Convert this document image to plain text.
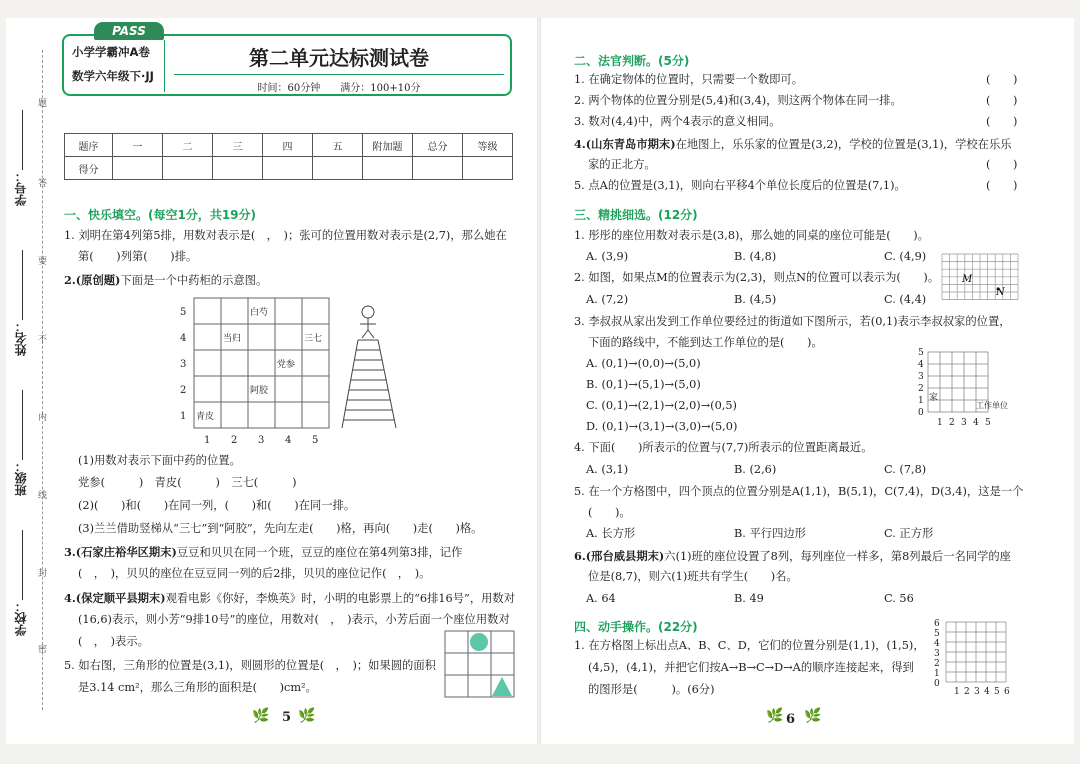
学校：
班级：
姓名：
学号：
题
答
要
不
内
线
封
密
PASS
小学学霸冲A卷
数学六年级下·JJ
第二单元达标测试卷
时间：60分钟　　 满分：100+10分
题序	一	二	三	四	五	附加题	总分	等级
得分								
一、快乐填空。(每空1分，共19分)
1. 刘明在第4列第5排，用数对表示是(　，　)；张可的位置用数对表示是(2,7)，那么她在
第(　　)列第(　　)排。
2.(原创题)下面是一个中药柜的示意图。
5
4
3
2
1
1 2 3 4 5
白芍
当归	三七
党参
阿胶
青皮
(1)用数对表示下面中药的位置。
党参(　　　)　青皮(　　　)　三七(　　　)
(2)(　　)和(　　)在同一列，(　　)和(　　)在同一排。
(3)兰兰借助竖梯从“三七”到“阿胶”，先向左走(　　)格，再向(　　)走(　　)格。
3.(石家庄裕华区期末)豆豆和贝贝在同一个班，豆豆的座位在第4列第3排，记作
(　，　)，贝贝的座位在豆豆同一列的后2排，贝贝的座位记作(　，　)。
4.(保定顺平县期末)观看电影《你好，李焕英》时，小明的电影票上的“6排16号”，用数对
(16,6)表示，则小芳“9排10号”的座位，用数对(　，　)表示，小芳后面一个座位用数对
(　，　)表示。
5. 如右图，三角形的位置是(3,1)，则圆形的位置是(　，　)；如果圆的面积
是3.14 cm²，那么三角形的面积是(　　)cm²。
🌿 5 🌿
二、法官判断。(5分)
1. 在确定物体的位置时，只需要一个数即可。	(　　)
2. 两个物体的位置分别是(5,4)和(3,4)，则这两个物体在同一排。	(　　)
3. 数对(4,4)中，两个4表示的意义相同。	(　　)
4.(山东青岛市期末)在地图上，乐乐家的位置是(3,2)，学校的位置是(3,1)，学校在乐乐
家的正北方。	(　　)
5. 点A的位置是(3,1)，则向右平移4个单位长度后的位置是(7,1)。	(　　)
三、精挑细选。(12分)
1. 彤彤的座位用数对表示是(3,8)，那么她的同桌的座位可能是(　　)。
A. (3,9)	B. (4,8)	C. (4,9)
2. 如图，如果点M的位置表示为(2,3)，则点N的位置可以表示为(　　)。
A. (7,2)	B. (4,5)	C. (4,4)
M
N
3. 李叔叔从家出发到工作单位要经过的街道如下图所示，若(0,1)表示李叔叔家的位置，
下面的路线中，不能到达工作单位的是(　　)。
A. (0,1)→(0,0)→(5,0)
B. (0,1)→(5,1)→(5,0)
C. (0,1)→(2,1)→(2,0)→(0,5)
D. (0,1)→(3,1)→(3,0)→(5,0)
5
4
3
2
1
0
1 2 3 4 5
家
工作单位
4. 下面(　　)所表示的位置与(7,7)所表示的位置距离最近。
A. (3,1)	B. (2,6)	C. (7,8)
5. 在一个方格图中，四个顶点的位置分别是A(1,1)，B(5,1)，C(7,4)，D(3,4)，这是一个
(　　)。
A. 长方形	B. 平行四边形	C. 正方形
6.(邢台威县期末)六(1)班的座位设置了8列，每列座位一样多，第8列最后一名同学的座
位是(8,7)，则六(1)班共有学生(　　)名。
A. 64	B. 49	C. 56
四、动手操作。(22分)
1. 在方格图上标出点A、B、C、D，它们的位置分别是(1,1)，(1,5)，
(4,5)，(4,1)，并把它们按A→B→C→D→A的顺序连接起来，得到
的图形是(　　　)。(6分)
6
5
4
3
2
1
0
1 2 3 4 5 6
🌿 6 🌿
